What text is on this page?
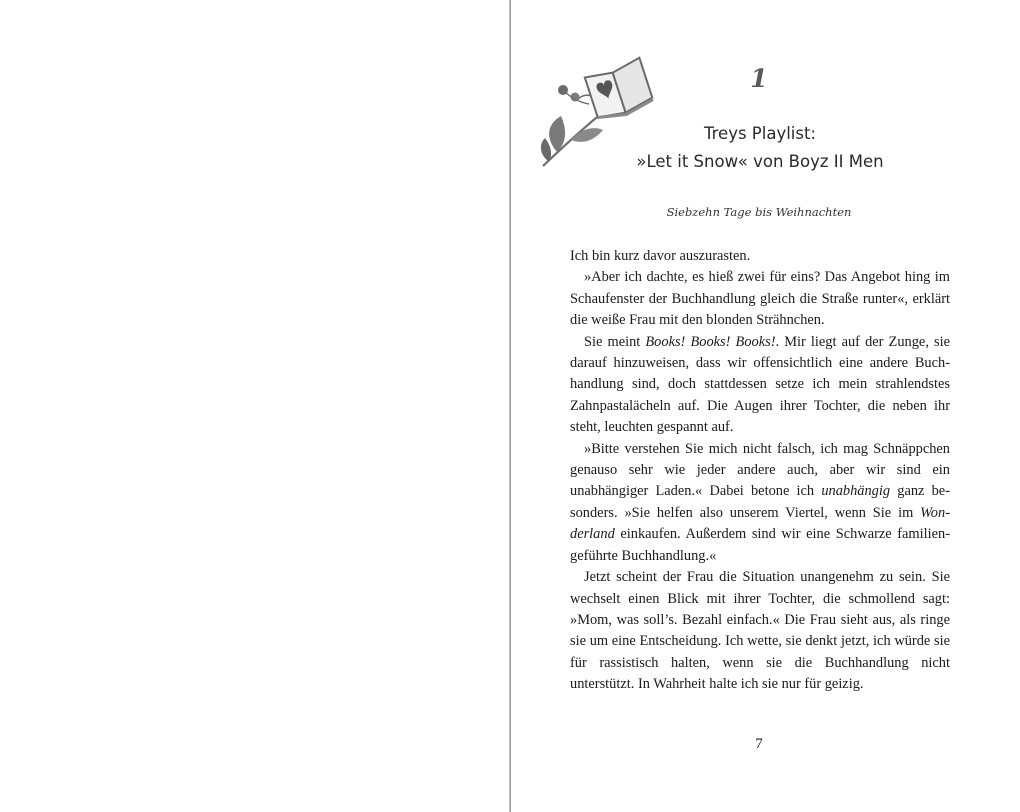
1
Treys Playlist:
»Let it Snow« von Boyz II Men
Siebzehn Tage bis Weihnachten

Ich bin kurz davor auszurasten.

»Aber ich dachte, es hieß zwei für eins? Das Angebot hing im Schaufenster der Buchhandlung gleich die Straße runter«, erklärt die weiße Frau mit den blonden Strähnchen.

Sie meint Books! Books! Books!. Mir liegt auf der Zunge, sie darauf hinzuweisen, dass wir offensichtlich eine andere Buchhandlung sind, doch stattdessen setze ich mein strahlendstes Zahnpastalächeln auf. Die Augen ihrer Tochter, die neben ihr steht, leuchten gespannt auf.

»Bitte verstehen Sie mich nicht falsch, ich mag Schnäppchen genauso sehr wie jeder andere auch, aber wir sind ein unabhängiger Laden.« Dabei betone ich unabhängig ganz besonders. »Sie helfen also unserem Viertel, wenn Sie im Wonderland einkaufen. Außerdem sind wir eine Schwarze familiengeführte Buchhandlung.«

Jetzt scheint der Frau die Situation unangenehm zu sein. Sie wechselt einen Blick mit ihrer Tochter, die schmollend sagt: »Mom, was soll’s. Bezahl einfach.« Die Frau sieht aus, als ringe sie um eine Entscheidung. Ich wette, sie denkt jetzt, ich würde sie für rassistisch halten, wenn sie die Buchhandlung nicht unterstützt. In Wahrheit halte ich sie nur für geizig.

7
